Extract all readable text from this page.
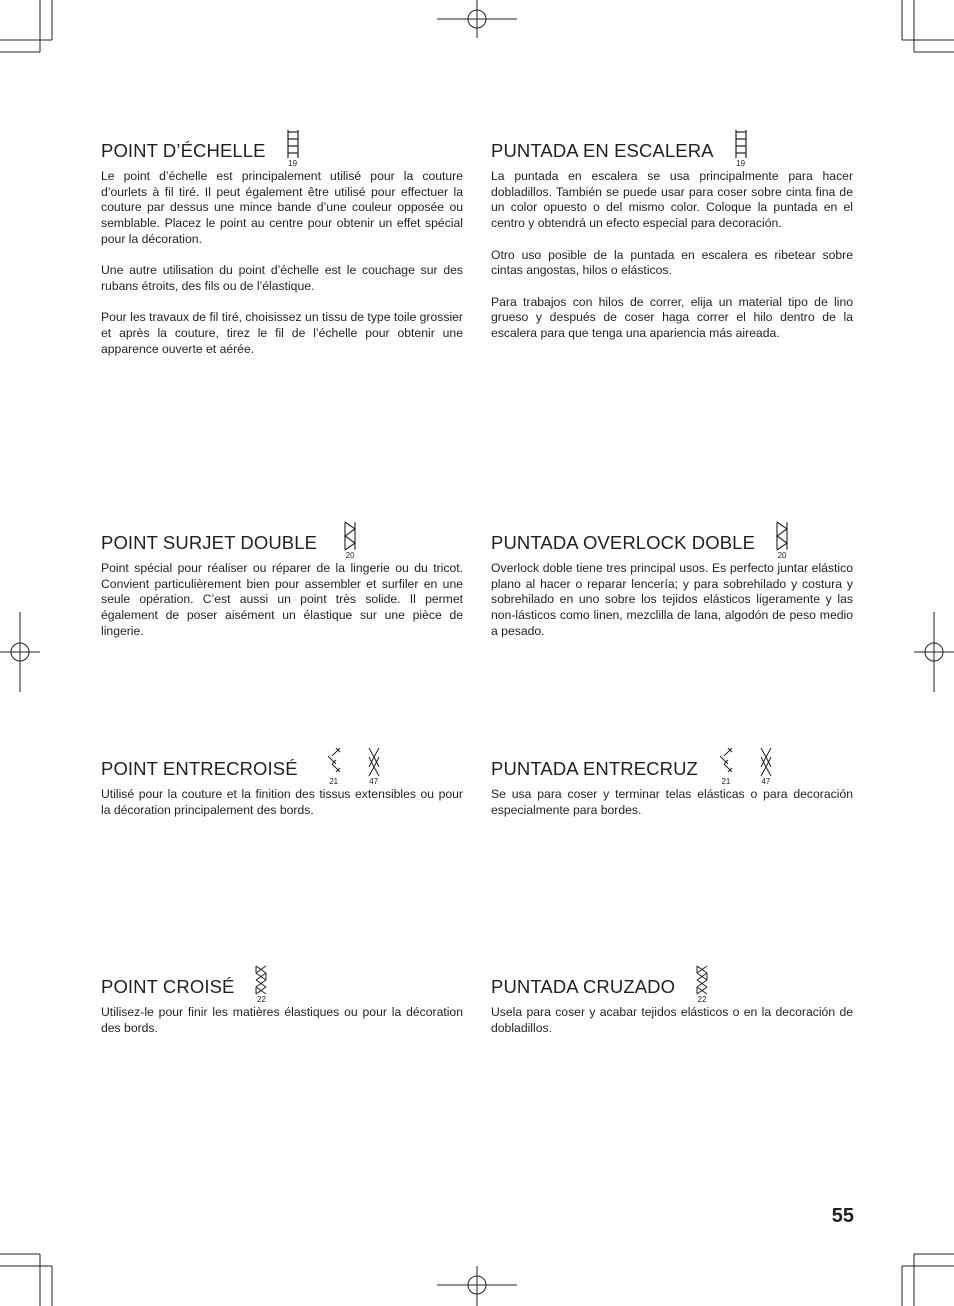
POINT D’ÉCHELLE
19

Le point d’échelle est principalement utilisé pour la couture d’ourlets à fil tiré. Il peut également être utilisé pour effectuer la couture par dessus une mince bande d’une couleur opposée ou semblable. Placez le point au centre pour obtenir un effet spécial pour la décoration.

Une autre utilisation du point d’échelle est le couchage sur des rubans étroits, des fils ou de l’élastique.

Pour les travaux de fil tiré, choisissez un tissu de type toile grossier et après la couture, tirez le fil de l’échelle pour obtenir une apparence ouverte et aérée.

PUNTADA EN ESCALERA
19

La puntada en escalera se usa principalmente para hacer dobladillos. También se puede usar para coser sobre cinta fina de un color opuesto o del mismo color. Coloque la puntada en el centro y obtendrá un efecto especial para decoración.

Otro uso posible de la puntada en escalera es ribetear sobre cintas angostas, hilos o elásticos.

Para trabajos con hilos de correr, elija un material tipo de lino grueso y después de coser haga correr el hilo dentro de la escalera para que tenga una apariencia más aireada.

POINT SURJET DOUBLE
20

Point spécial pour réaliser ou réparer de la lingerie ou du tricot. Convient particulièrement bien pour assembler et surfiler en une seule opération. C’est aussi un point très solide. Il permet également de poser aisément un élastique sur une pièce de lingerie.

PUNTADA OVERLOCK DOBLE
20

Overlock doble tiene tres principal usos. Es perfecto juntar elástico plano al hacer o reparar lencería; y para sobrehilado y costura y sobrehilado en uno sobre los tejidos elásticos ligeramente y las non-lásticos como linen, mezclilla de lana, algodón de peso medio a pesado.

POINT ENTRECROISÉ
21	47

Utilisé pour la couture et la finition des tissus extensibles ou pour la décoration principalement des bords.

PUNTADA ENTRECRUZ
21	47

Se usa para coser y terminar telas elásticas o para decoración especialmente para bordes.

POINT CROISÉ
22

Utilisez-le pour finir les matières élastiques ou pour la décoration des bords.

PUNTADA CRUZADO
22

Usela para coser y acabar tejidos elásticos o en la decoración de dobladillos.

55
